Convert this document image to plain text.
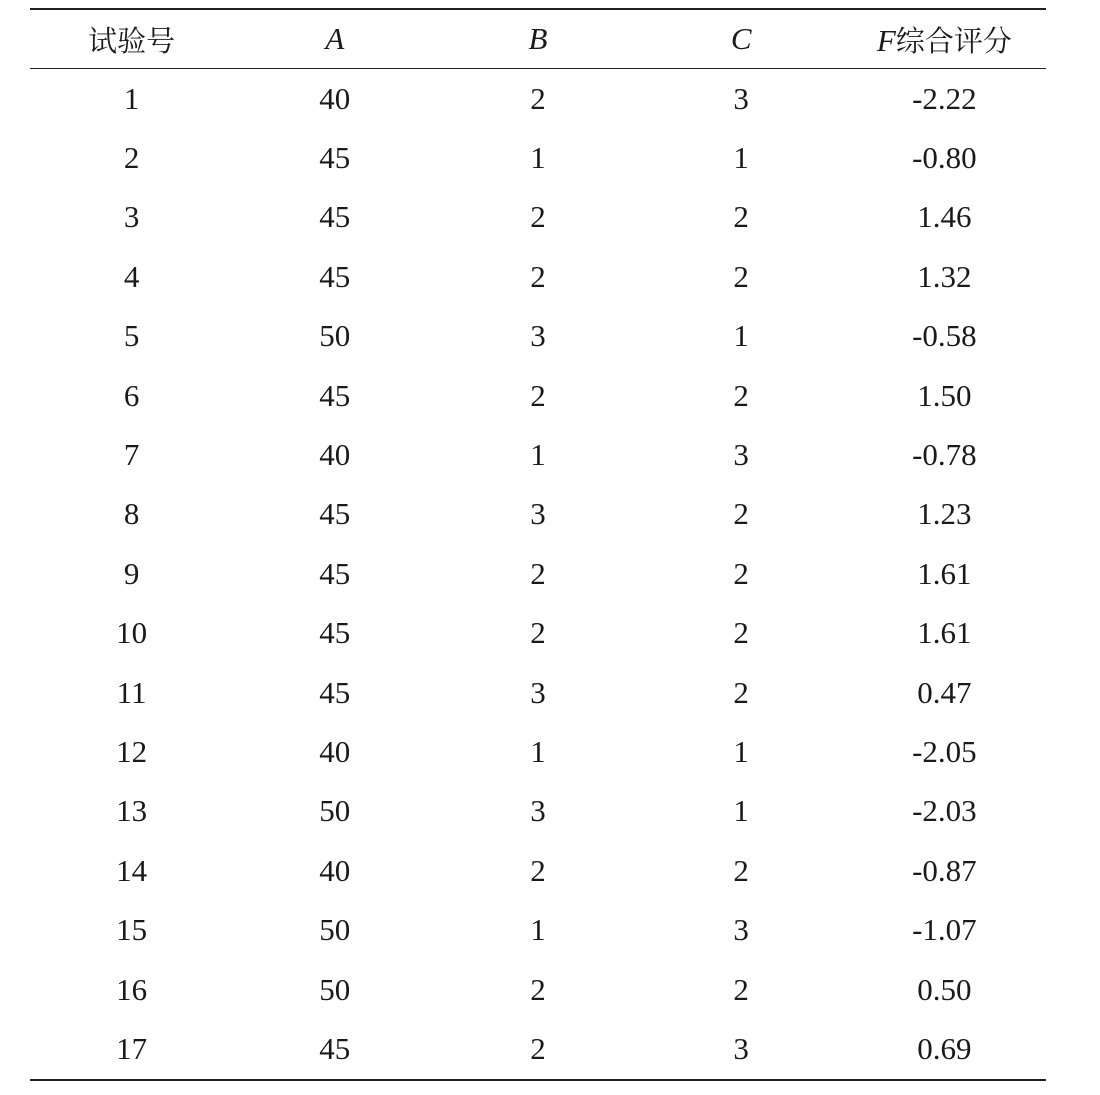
试验号	A	B	C	F综合评分
1	40	2	3	-2.22
2	45	1	1	-0.80
3	45	2	2	1.46
4	45	2	2	1.32
5	50	3	1	-0.58
6	45	2	2	1.50
7	40	1	3	-0.78
8	45	3	2	1.23
9	45	2	2	1.61
10	45	2	2	1.61
11	45	3	2	0.47
12	40	1	1	-2.05
13	50	3	1	-2.03
14	40	2	2	-0.87
15	50	1	3	-1.07
16	50	2	2	0.50
17	45	2	3	0.69
